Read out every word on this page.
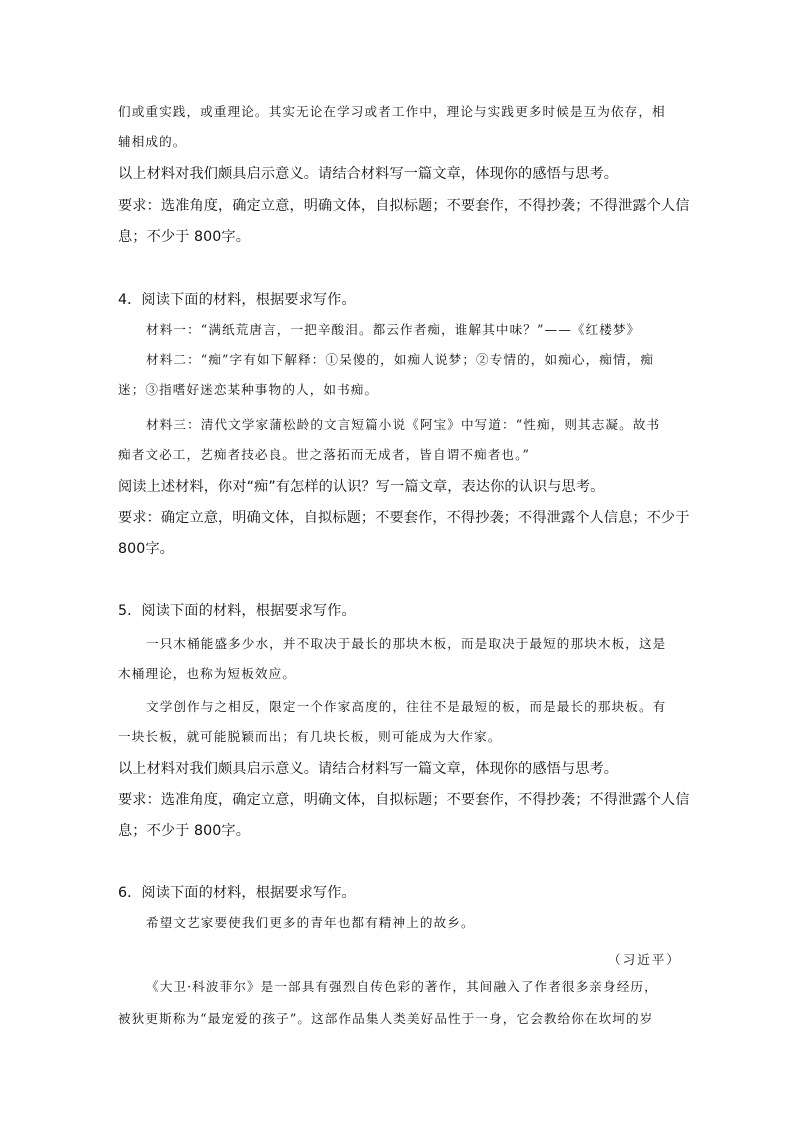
们或重实践，或重理论。其实无论在学习或者工作中，理论与实践更多时候是互为依存，相
辅相成的。
以上材料对我们颇具启示意义。请结合材料写一篇文章，体现你的感悟与思考。
要求：选准角度，确定立意，明确文体，自拟标题；不要套作，不得抄袭；不得泄露个人信
息；不少于 800字。
4．阅读下面的材料，根据要求写作。
材料一：“满纸荒唐言，一把辛酸泪。都云作者痴，谁解其中味？”——《红楼梦》
材料二：“痴”字有如下解释：①呆傻的，如痴人说梦；②专情的，如痴心，痴情，痴
迷；③指嗜好迷恋某种事物的人，如书痴。
材料三：清代文学家蒲松龄的文言短篇小说《阿宝》中写道：“性痴，则其志凝。故书
痴者文必工，艺痴者技必良。世之落拓而无成者，皆自谓不痴者也。”
阅读上述材料，你对“痴”有怎样的认识？写一篇文章，表达你的认识与思考。
要求：确定立意，明确文体，自拟标题；不要套作，不得抄袭；不得泄露个人信息；不少于
800字。
5．阅读下面的材料，根据要求写作。
一只木桶能盛多少水，并不取决于最长的那块木板，而是取决于最短的那块木板，这是
木桶理论，也称为短板效应。
文学创作与之相反，限定一个作家高度的，往往不是最短的板，而是最长的那块板。有
一块长板，就可能脱颖而出；有几块长板，则可能成为大作家。
以上材料对我们颇具启示意义。请结合材料写一篇文章，体现你的感悟与思考。
要求：选准角度，确定立意，明确文体，自拟标题；不要套作，不得抄袭；不得泄露个人信
息；不少于 800字。
6．阅读下面的材料，根据要求写作。
希望文艺家要使我们更多的青年也都有精神上的故乡。
（习近平）
《大卫·科波菲尔》是一部具有强烈自传色彩的著作，其间融入了作者很多亲身经历，
被狄更斯称为“最宠爱的孩子”。这部作品集人类美好品性于一身，它会教给你在坎坷的岁
